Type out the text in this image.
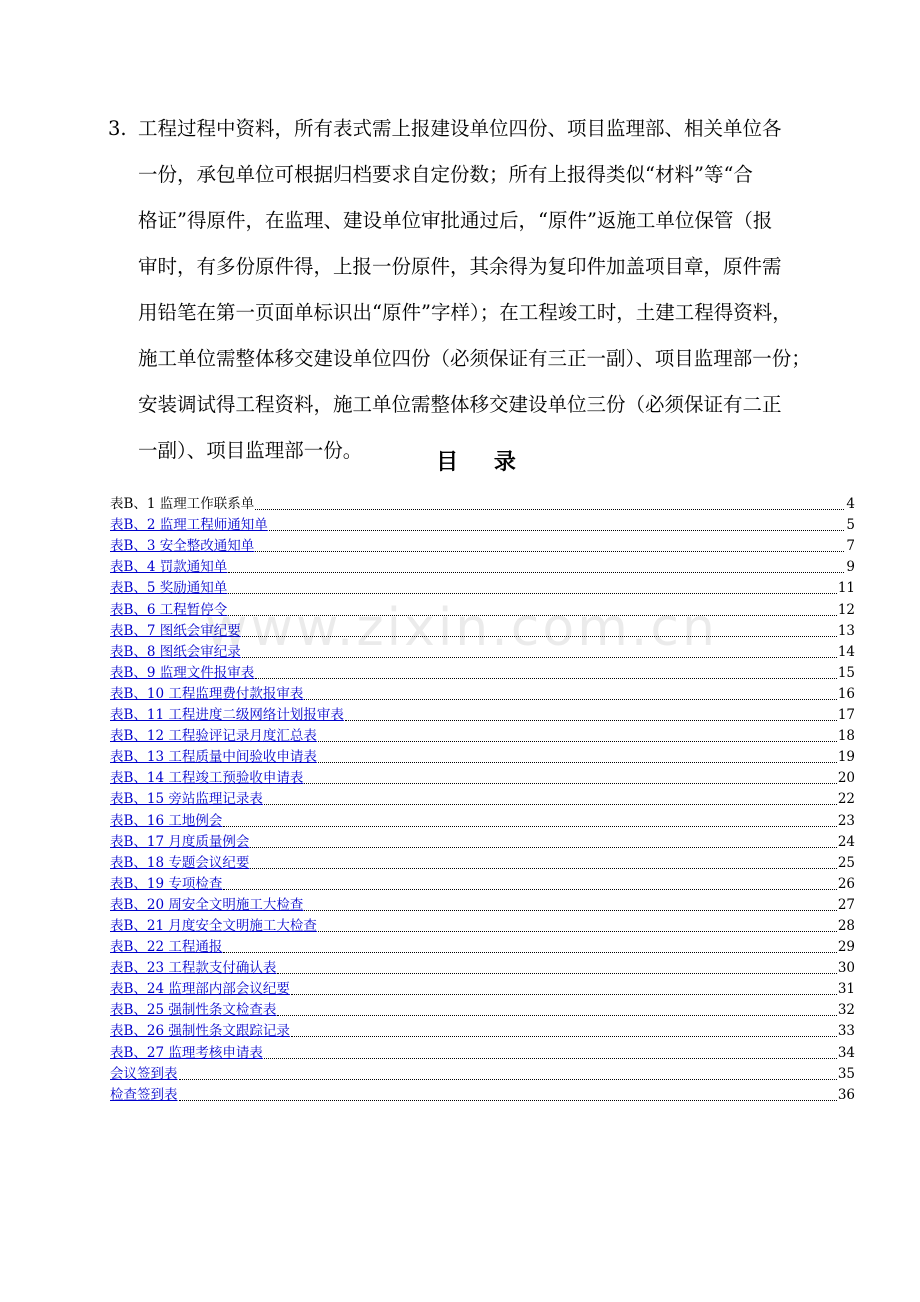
3. 工程过程中资料，所有表式需上报建设单位四份、项目监理部、相关单位各
一份，承包单位可根据归档要求自定份数；所有上报得类似“材料”等“合
格证”得原件，在监理、建设单位审批通过后，“原件”返施工单位保管（报
审时，有多份原件得，上报一份原件，其余得为复印件加盖项目章，原件需
用铅笔在第一页面单标识出“原件”字样）；在工程竣工时，土建工程得资料，
施工单位需整体移交建设单位四份（必须保证有三正一副）、项目监理部一份；
安装调试得工程资料，施工单位需整体移交建设单位三份（必须保证有二正
一副）、项目监理部一份。	目 录
表B、1 监理工作联系单	4
表B、2 监理工程师通知单	5
表B、3 安全整改通知单	7
表B、4 罚款通知单	9
表B、5 奖励通知单	11
表B、6 工程暂停令	12
表B、7 图纸会审纪要	13
表B、8 图纸会审纪录	14
表B、9 监理文件报审表	15
表B、10 工程监理费付款报审表	16
表B、11 工程进度二级网络计划报审表	17
表B、12 工程验评记录月度汇总表	18
表B、13 工程质量中间验收申请表	19
表B、14 工程竣工预验收申请表	20
表B、15 旁站监理记录表	22
表B、16 工地例会	23
表B、17 月度质量例会	24
表B、18 专题会议纪要	25
表B、19 专项检查	26
表B、20 周安全文明施工大检查	27
表B、21 月度安全文明施工大检查	28
表B、22 工程通报	29
表B、23 工程款支付确认表	30
表B、24 监理部内部会议纪要	31
表B、25 强制性条文检查表	32
表B、26 强制性条文跟踪记录	33
表B、27 监理考核申请表	34
会议签到表	35
检查签到表	36
www.zixin.com.cn
